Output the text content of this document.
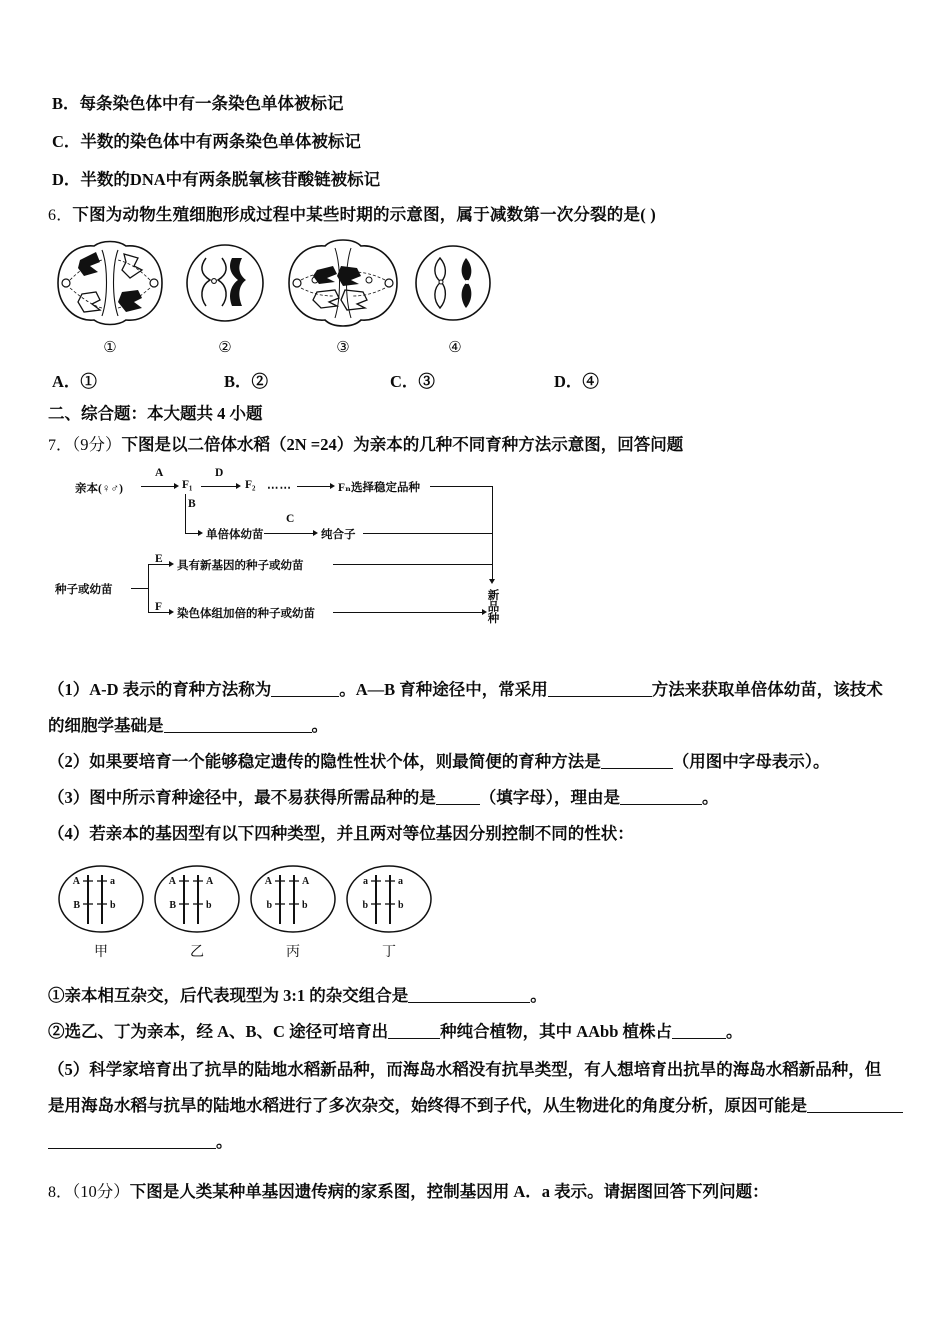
B．每条染色体中有一条染色单体被标记
C．半数的染色体中有两条染色单体被标记
D．半数的DNA中有两条脱氧核苷酸链被标记
6．下图为动物生殖细胞形成过程中某些时期的示意图，属于减数第一次分裂的是( )
①	②	③	④
A．①	B．②	C．③	D．④
二、综合题：本大题共 4 小题
7．（9分）下图是以二倍体水稻（2N =24）为亲本的几种不同育种方法示意图，回答问题
亲本(♀♂)
A
F₁
D
F₂ ⋯⋯	Fₙ选择稳定品种
B
单倍体幼苗
C
纯合子
种子或幼苗
E
具有新基因的种子或幼苗
F
染色体组加倍的种子或幼苗	新品种
（1）A-D 表示的育种方法称为	。A—B 育种途径中，常采用	方法来获取单倍体幼苗，该技术
的细胞学基础是	。
（2）如果要培育一个能够稳定遗传的隐性性状个体，则最简便的育种方法是	（用图中字母表示）。
（3）图中所示育种途径中，最不易获得所需品种的是	（填字母），理由是	。
（4）若亲本的基因型有以下四种类型，并且两对等位基因分别控制不同的性状：
A	a
B	b
甲
A	A
B	b
乙
A	A
b	b
丙
a	a
b	b
丁
①亲本相互杂交，后代表现型为 3:1 的杂交组合是	。
②选乙、丁为亲本，经 A、B、C 途径可培育出	种纯合植物，其中 AAbb 植株占	。
（5）科学家培育出了抗旱的陆地水稻新品种，而海岛水稻没有抗旱类型，有人想培育出抗旱的海岛水稻新品种，但
是用海岛水稻与抗旱的陆地水稻进行了多次杂交，始终得不到子代，从生物进化的角度分析，原因可能是
。
8．（10分）下图是人类某种单基因遗传病的家系图，控制基因用 A．a 表示。请据图回答下列问题：
